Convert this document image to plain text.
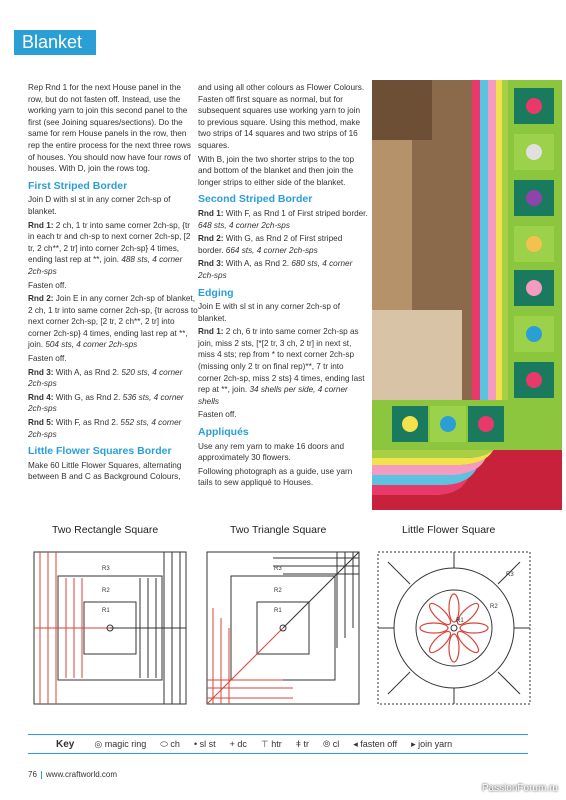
Blanket

Rep Rnd 1 for the next House panel in the row, but do not fasten off. Instead, use the working yarn to join this second panel to the first (see Joining squares/sections). Do the same for rem House panels in the row, then rep the entire process for the next three rows of houses. You should now have four rows of houses. With D, join the rows tog.

First Striped Border

Join D with sl st in any corner 2ch-sp of blanket.

Rnd 1: 2 ch, 1 tr into same corner 2ch-sp, {tr in each tr and ch-sp to next corner 2ch-sp, [2 tr, 2 ch**, 2 tr] into corner 2ch-sp} 4 times, ending last rep at **, join. 488 sts, 4 corner 2ch-sps

Fasten off.

Rnd 2: Join E in any corner 2ch-sp of blanket, 2 ch, 1 tr into same corner 2ch-sp, {tr across to next corner 2ch-sp, [2 tr, 2 ch**, 2 tr] into corner 2ch-sp} 4 times, ending last rep at **, join. 504 sts, 4 corner 2ch-sps

Fasten off.

Rnd 3: With A, as Rnd 2. 520 sts, 4 corner 2ch-sps

Rnd 4: With G, as Rnd 2. 536 sts, 4 corner 2ch-sps

Rnd 5: With F, as Rnd 2. 552 sts, 4 corner 2ch-sps

Little Flower Squares Border

Make 60 Little Flower Squares, alternating between B and C as Background Colours,

and using all other colours as Flower Colours. Fasten off first square as normal, but for subsequent squares use working yarn to join to previous square. Using this method, make two strips of 14 squares and two strips of 16 squares.

With B, join the two shorter strips to the top and bottom of the blanket and then join the longer strips to either side of the blanket.

Second Striped Border

Rnd 1: With F, as Rnd 1 of First striped border. 648 sts, 4 corner 2ch-sps

Rnd 2: With G, as Rnd 2 of First striped border. 664 sts, 4 corner 2ch-sps

Rnd 3: With A, as Rnd 2. 680 sts, 4 corner 2ch-sps

Edging

Join E with sl st in any corner 2ch-sp of blanket.

Rnd 1: 2 ch, 6 tr into same corner 2ch-sp as join, miss 2 sts, [*[2 tr, 3 ch, 2 tr] in next st, miss 4 sts; rep from * to next corner 2ch-sp (missing only 2 tr on final rep)**, 7 tr into corner 2ch-sp, miss 2 sts} 4 times, ending last rep at **, join. 34 shells per side, 4 corner shells

Fasten off.

Appliqués

Use any rem yarn to make 16 doors and approximately 30 flowers.

Following photograph as a guide, use yarn tails to sew appliqué to Houses.

Two Rectangle Square	Two Triangle Square	Little Flower Square
R3
R2
R1
R3
R2
R1
R3
R2
R1
Key ◎ magic ring ⬭ ch • sl st + dc ⊤ htr ǂ tr ⦾ cl ◂ fasten off ▸ join yarn
76 www.craftworld.com
PassionForum.ru
